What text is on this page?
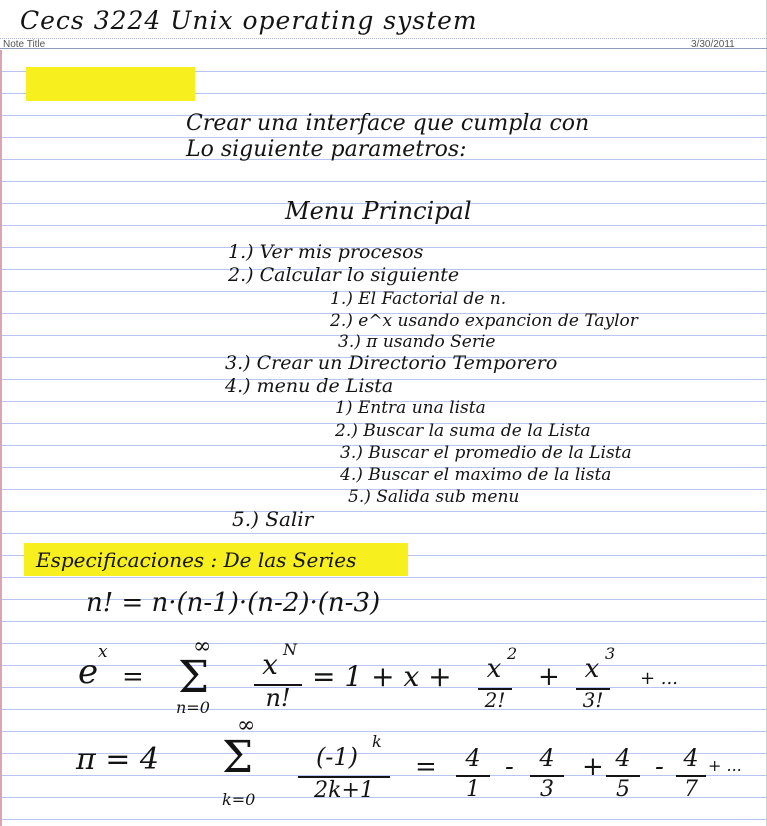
Cecs 3224 Unix operating system
Note Title	3/30/2011
Crear una interface que cumpla con
Lo siguiente parametros:
Menu Principal
1.) Ver mis procesos
2.) Calcular lo siguiente
1.) El Factorial de n.
2.) e^x usando expancion de Taylor
3.) π usando Serie
3.) Crear un Directorio Temporero
4.) menu de Lista
1) Entra una lista
2.) Buscar la suma de la Lista
3.) Buscar el promedio de la Lista
4.) Buscar el maximo de la lista
5.) Salida sub menu
5.) Salir
Especificaciones : De las Series
n! = n·(n-1)·(n-2)·(n-3)
e x
=
∞
Σ
n=0
x N
n!
= 1 + x + x
2
2!
+ x
3
3!
+ ...
π = 4
∞
Σ
k=0
(-1)
k
2k+1
=	4
1
-	4
3
+ 4
5
- 4
7
+ ...
